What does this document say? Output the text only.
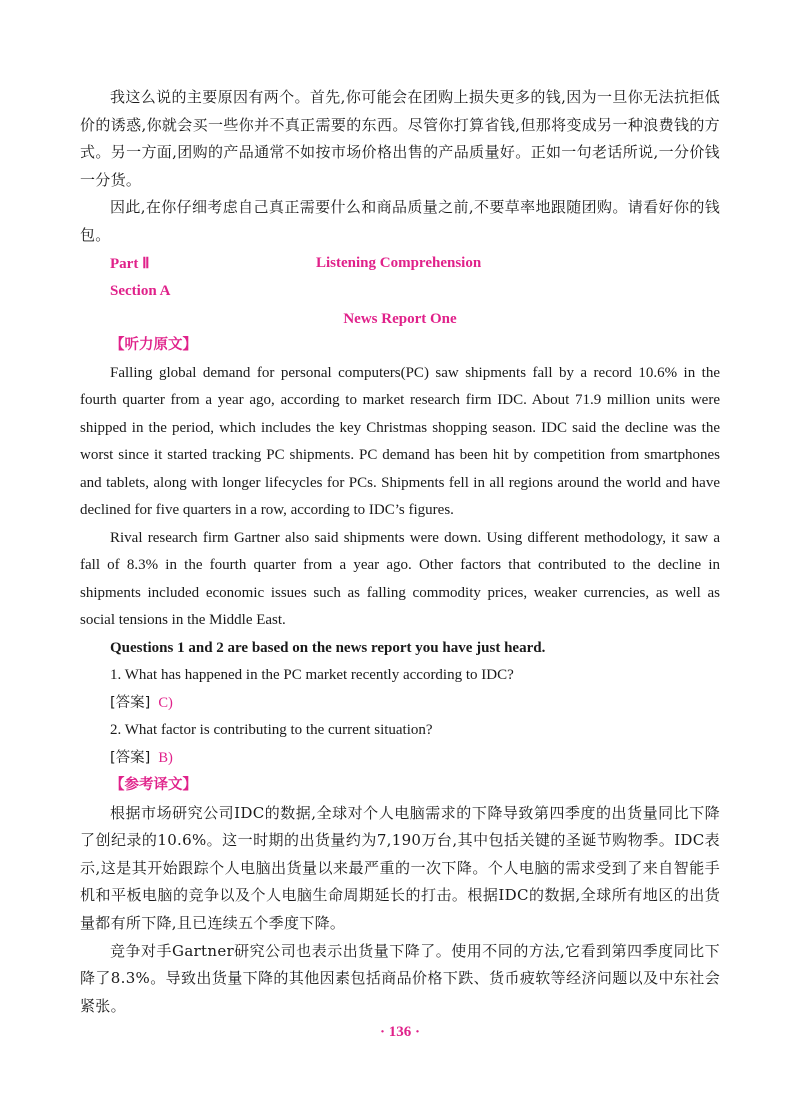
我这么说的主要原因有两个。首先,你可能会在团购上损失更多的钱,因为一旦你无法抗拒低价的诱惑,你就会买一些你并不真正需要的东西。尽管你打算省钱,但那将变成另一种浪费钱的方式。另一方面,团购的产品通常不如按市场价格出售的产品质量好。正如一句老话所说,一分价钱一分货。

因此,在你仔细考虑自己真正需要什么和商品质量之前,不要草率地跟随团购。请看好你的钱包。

Part Ⅱ	Listening Comprehension
Section A
News Report One
【听力原文】

Falling global demand for personal computers(PC) saw shipments fall by a record 10.6% in the fourth quarter from a year ago, according to market research firm IDC. About 71.9 million units were shipped in the period, which includes the key Christmas shopping season. IDC said the decline was the worst since it started tracking PC shipments. PC demand has been hit by competition from smartphones and tablets, along with longer lifecycles for PCs. Shipments fell in all regions around the world and have declined for five quarters in a row, according to IDC’s figures.

Rival research firm Gartner also said shipments were down. Using different methodology, it saw a fall of 8.3% in the fourth quarter from a year ago. Other factors that contributed to the decline in shipments included economic issues such as falling commodity prices, weaker currencies, as well as social tensions in the Middle East.

Questions 1 and 2 are based on the news report you have just heard.
1. What has happened in the PC market recently according to IDC?
[答案] C)
2. What factor is contributing to the current situation?
[答案] B)
【参考译文】

根据市场研究公司IDC的数据,全球对个人电脑需求的下降导致第四季度的出货量同比下降了创纪录的10.6%。这一时期的出货量约为7,190万台,其中包括关键的圣诞节购物季。IDC表示,这是其开始跟踪个人电脑出货量以来最严重的一次下降。个人电脑的需求受到了来自智能手机和平板电脑的竞争以及个人电脑生命周期延长的打击。根据IDC的数据,全球所有地区的出货量都有所下降,且已连续五个季度下降。

竞争对手Gartner研究公司也表示出货量下降了。使用不同的方法,它看到第四季度同比下降了8.3%。导致出货量下降的其他因素包括商品价格下跌、货币疲软等经济问题以及中东社会紧张。

· 136 ·
